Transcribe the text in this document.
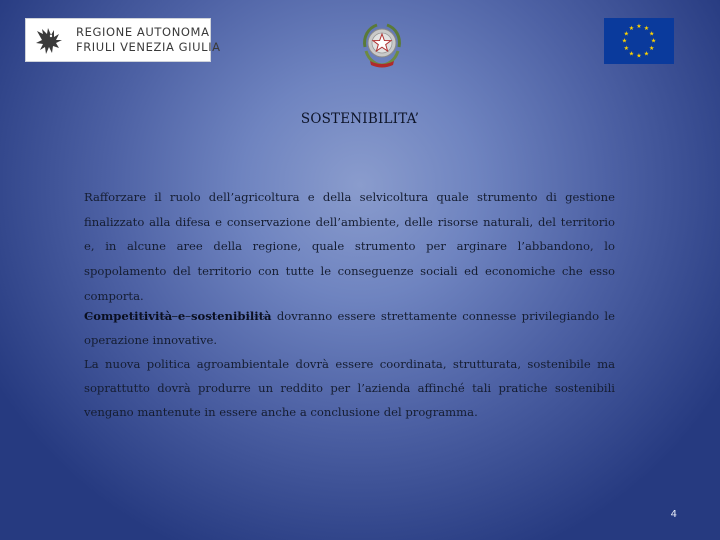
REGIONE AUTONOMA
FRIULI VENEZIA GIULIA
★ ★
★
★
★
★
★
★
★
★
★
★
SOSTENIBILITA’
Rafforzare il ruolo dell’agricoltura e della selvicoltura quale strumento di gestione finalizzato alla difesa e conservazione dell’ambiente, delle risorse naturali, del territorio e, in alcune aree della regione, quale strumento per arginare l’abbandono, lo spopolamento del territorio con tutte le conseguenze sociali ed economiche che esso comporta.
Competitività e sostenibilità dovranno essere strettamente connesse privilegiando le operazione innovative.
La nuova politica agroambientale dovrà essere coordinata, strutturata, sostenibile ma soprattutto dovrà produrre un reddito per l’azienda affinché tali pratiche sostenibili vengano mantenute in essere anche a conclusione del programma.
4
